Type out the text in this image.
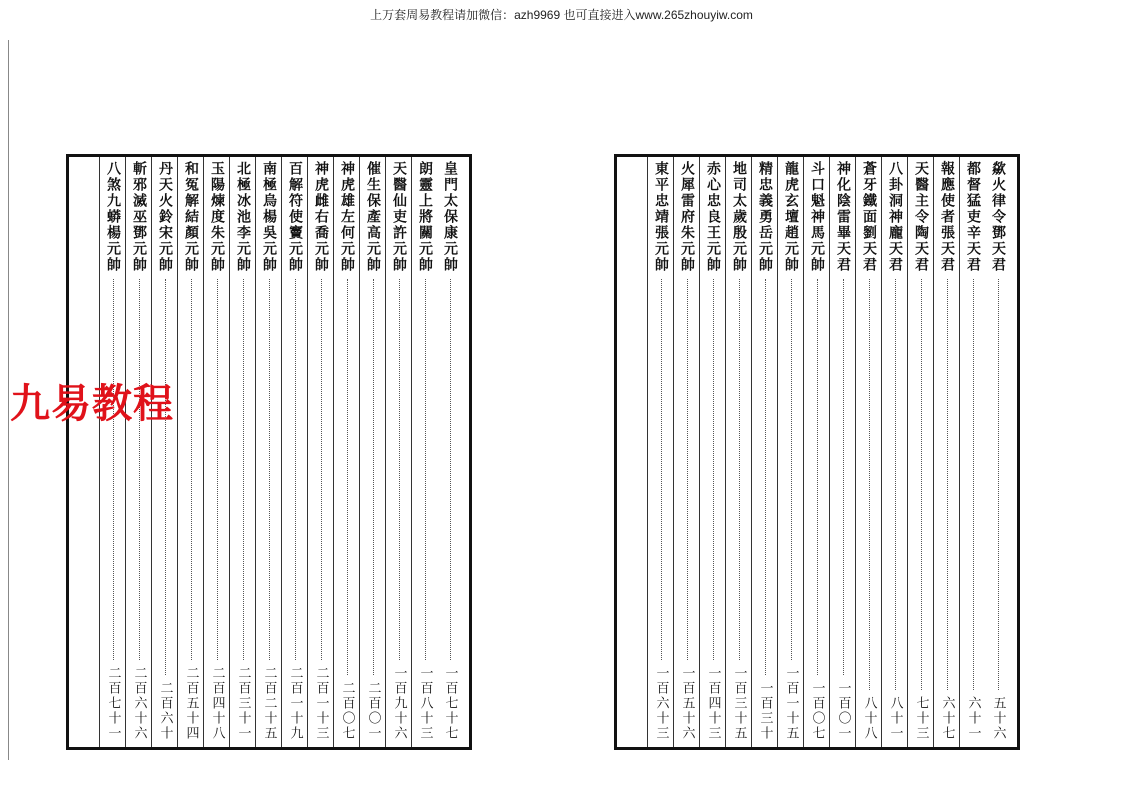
上万套周易教程请加微信：azh9969 也可直接进入www.265zhouyiw.com
皇門太保康元帥
一百七十七
朗靈上將關元帥
一百八十三
天醫仙吏許元帥
一百九十六
催生保產高元帥
二百〇一
神虎雄左何元帥
二百〇七
神虎雌右喬元帥
二百一十三
百解符使竇元帥
二百一十九
南極烏楊吳元帥
二百二十五
北極冰池李元帥
二百三十一
玉陽煉度朱元帥
二百四十八
和冤解結顏元帥
二百五十四
丹天火鈴宋元帥
二百六十
斬邪滅巫鄧元帥
二百六十六
八煞九蟒楊元帥
二百七十一
歘火律令鄧天君
五十六
都督猛吏辛天君
六十一
報應使者張天君
六十七
天醫主令陶天君
七十三
八卦洞神龐天君
八十一
蒼牙鐵面劉天君
八十八
神化陰雷畢天君
一百〇一
斗口魁神馬元帥
一百〇七
龍虎玄壇趙元帥
一百一十五
精忠義勇岳元帥
一百三十
地司太歲殷元帥
一百三十五
赤心忠良王元帥
一百四十三
火犀雷府朱元帥
一百五十六
東平忠靖張元帥
一百六十三
九易教程
